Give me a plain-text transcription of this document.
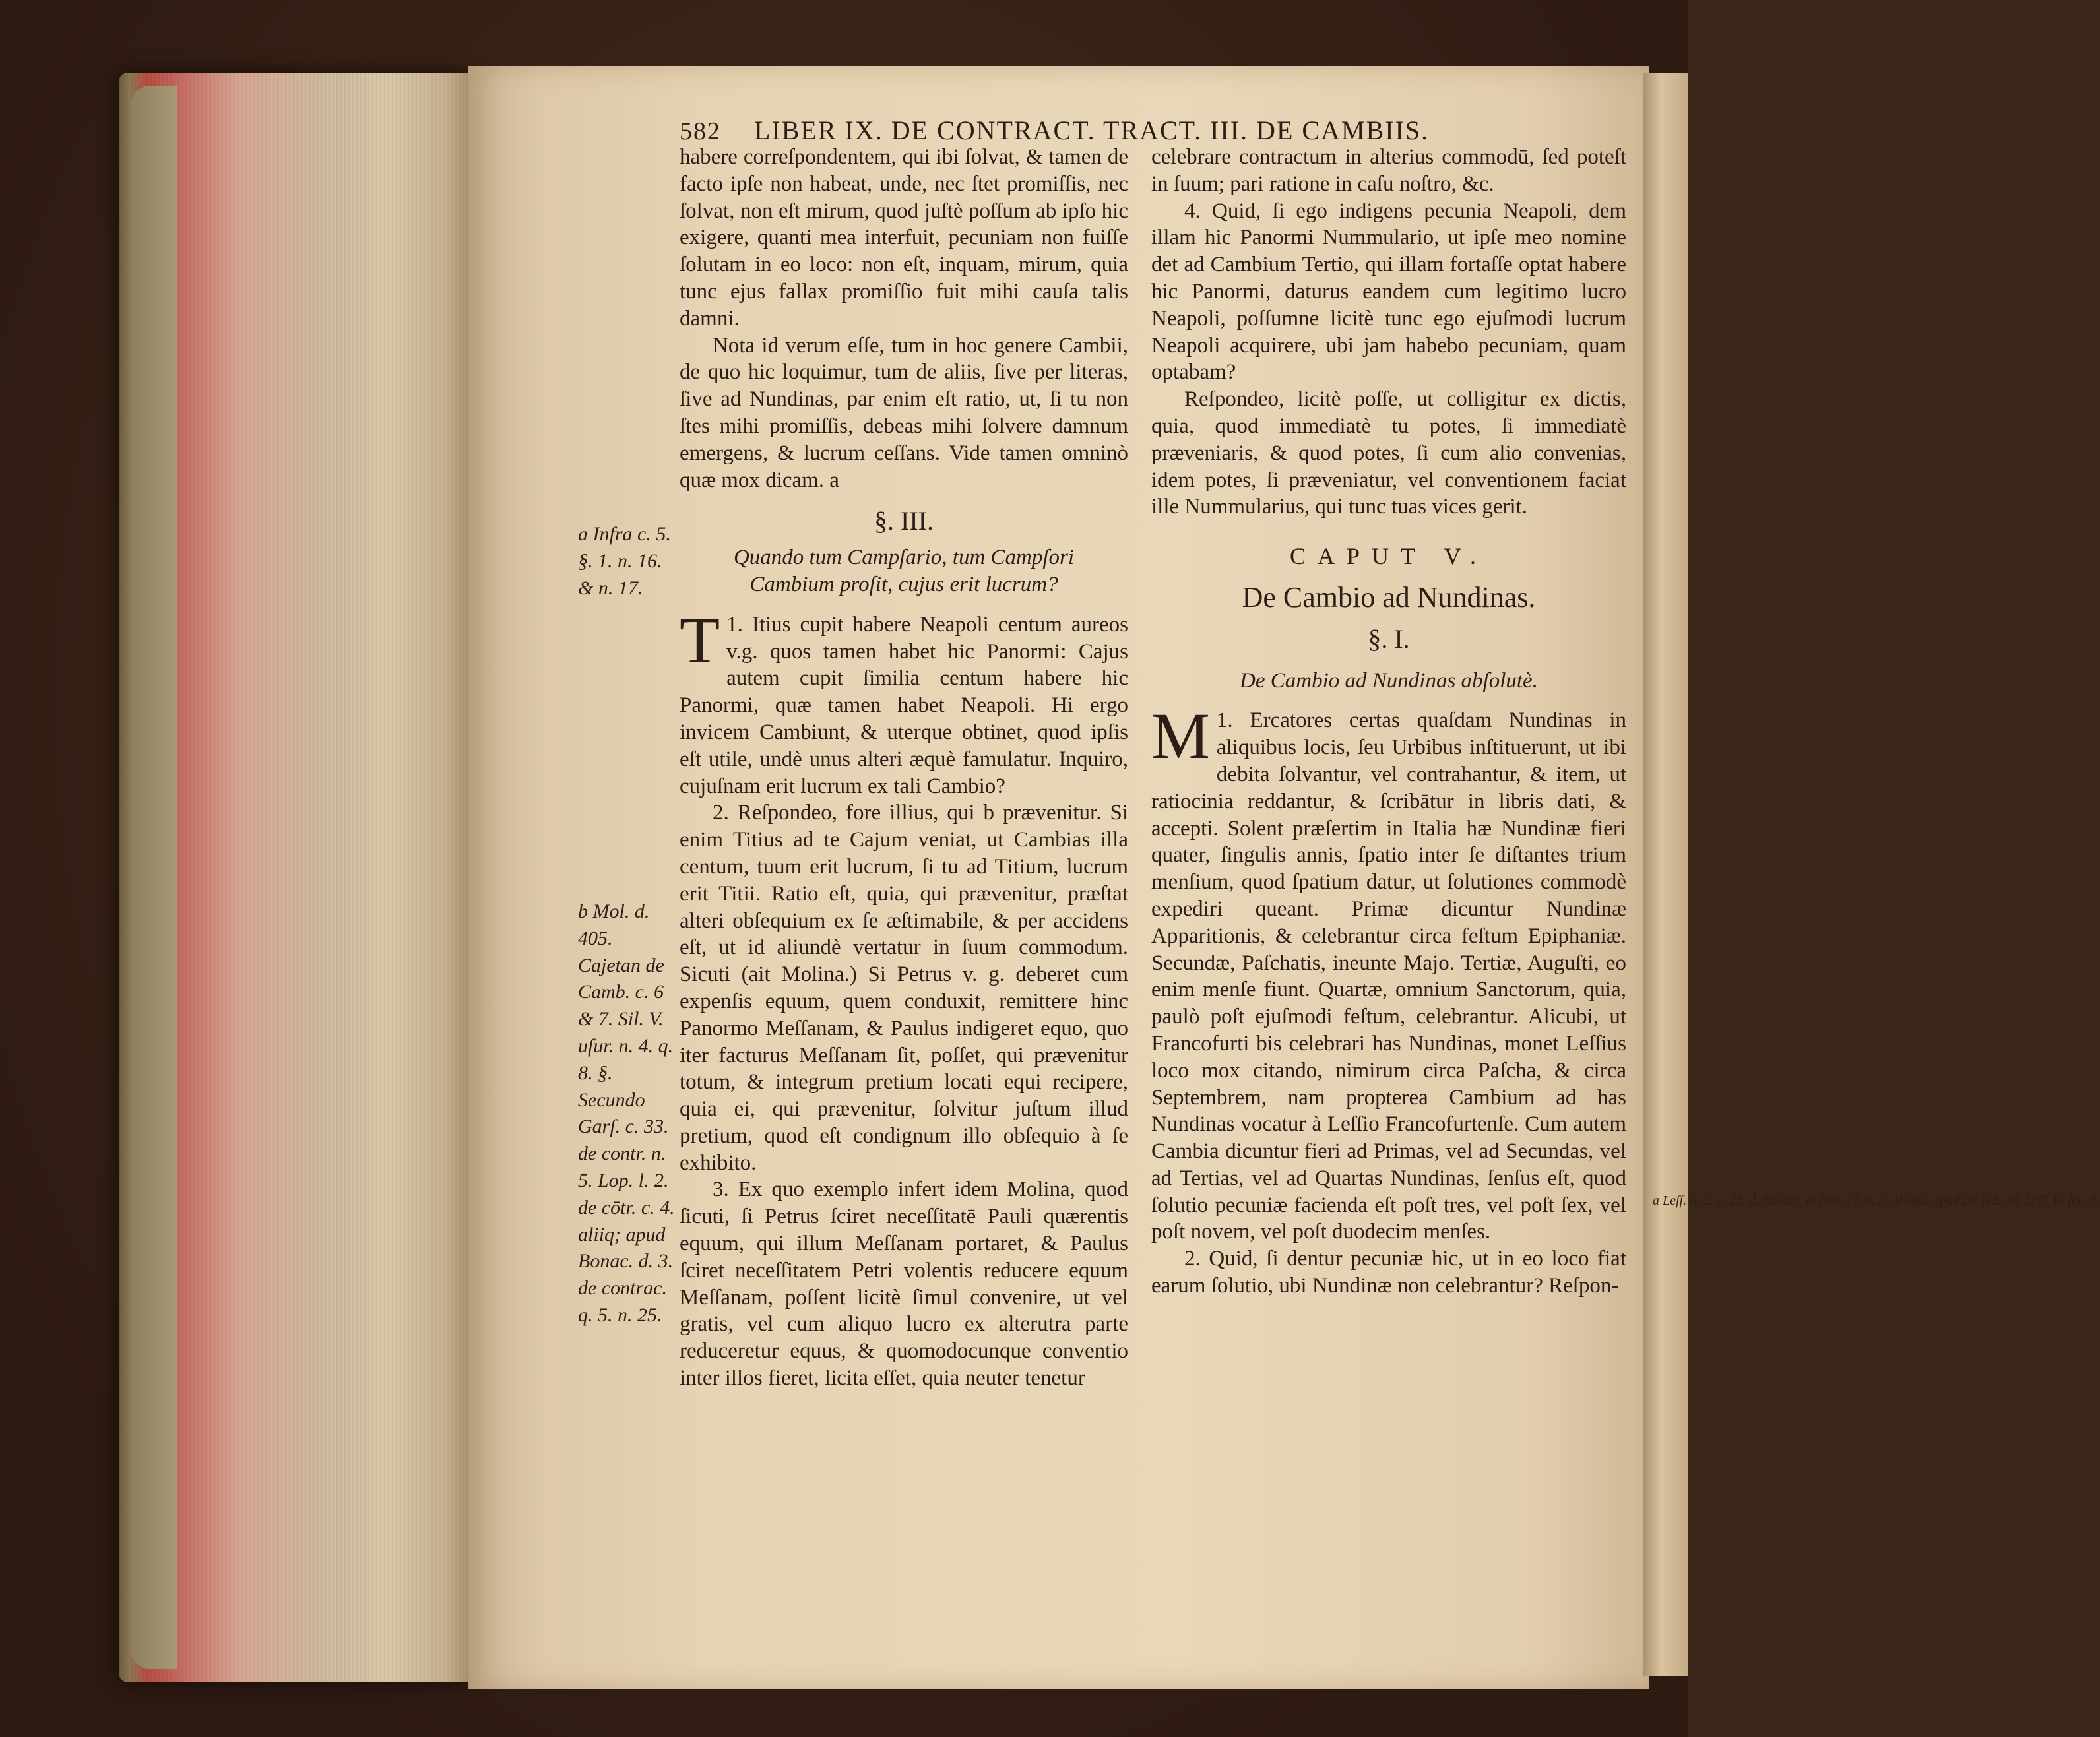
582 LIBER IX. DE CONTRACT. TRACT. III. DE CAMBIIS.

habere correſpondentem, qui ibi ſolvat, & tamen de facto ipſe non habeat, unde, nec ſtet promiſſis, nec ſolvat, non eſt mirum, quod juſtè poſſum ab ipſo hic exigere, quanti mea interfuit, pecuniam non fuiſſe ſolutam in eo loco: non eſt, inquam, mirum, quia tunc ejus fallax promiſſio fuit mihi cauſa talis damni.

Nota id verum eſſe, tum in hoc genere Cambii, de quo hic loquimur, tum de aliis, ſive per literas, ſive ad Nundinas, par enim eſt ratio, ut, ſi tu non ſtes mihi promiſſis, debeas mihi ſolvere damnum emergens, & lucrum ceſſans. Vide tamen omninò quæ mox dicam. a

§. III.

Quando tum Campſario, tum Campſori Cambium proſit, cujus erit lucrum?

1.
T Itius cupit habere Neapoli centum aureos v.g. quos tamen habet hic Panormi: Cajus autem cupit ſimilia centum habere hic Panormi, quæ tamen habet Neapoli. Hi ergo invicem Cambiunt, & uterque obtinet, quod ipſis eſt utile, undè unus alteri æquè famulatur. Inquiro, cujuſnam erit lucrum ex tali Cambio?

2. Reſpondeo, fore illius, qui b prævenitur. Si enim Titius ad te Cajum veniat, ut Cambias illa centum, tuum erit lucrum, ſi tu ad Titium, lucrum erit Titii. Ratio eſt, quia, qui prævenitur, præſtat alteri obſequium ex ſe æſtimabile, & per accidens eſt, ut id aliundè vertatur in ſuum commodum. Sicuti (ait Molina.) Si Petrus v. g. deberet cum expenſis equum, quem conduxit, remittere hinc Panormo Meſſanam, & Paulus indigeret equo, quo iter facturus Meſſanam ſit, poſſet, qui prævenitur totum, & integrum pretium locati equi recipere, quia ei, qui prævenitur, ſolvitur juſtum illud pretium, quod eſt condignum illo obſequio à ſe exhibito.

3. Ex quo exemplo infert idem Molina, quod ſicuti, ſi Petrus ſciret neceſſitatē Pauli quærentis equum, qui illum Meſſanam portaret, & Paulus ſciret neceſſitatem Petri volentis reducere equum Meſſanam, poſſent licitè ſimul convenire, ut vel gratis, vel cum aliquo lucro ex alterutra parte reduceretur equus, & quomodocunque conventio inter illos fieret, licita eſſet, quia neuter tenetur

celebrare contractum in alterius commodū, ſed poteſt in ſuum; pari ratione in caſu noſtro, &c.

4. Quid, ſi ego indigens pecunia Neapoli, dem illam hic Panormi Nummulario, ut ipſe meo nomine det ad Cambium Tertio, qui illam fortaſſe optat habere hic Panormi, daturus eandem cum legitimo lucro Neapoli, poſſumne licitè tunc ego ejuſmodi lucrum Neapoli acquirere, ubi jam habebo pecuniam, quam optabam?

Reſpondeo, licitè poſſe, ut colligitur ex dictis, quia, quod immediatè tu potes, ſi immediatè præveniaris, & quod potes, ſi cum alio convenias, idem potes, ſi præveniatur, vel conventionem faciat ille Nummularius, qui tunc tuas vices gerit.

CAPUT V.

De Cambio ad Nundinas.

§. I.

De Cambio ad Nundinas abſolutè.

1.
M Ercatores certas quaſdam Nundinas in aliquibus locis, ſeu Urbibus inſtituerunt, ut ibi debita ſolvantur, vel contrahantur, & item, ut ratiocinia reddantur, & ſcribātur in libris dati, & accepti. Solent præſertim in Italia hæ Nundinæ fieri quater, ſingulis annis, ſpatio inter ſe diſtantes trium menſium, quod ſpatium datur, ut ſolutiones commodè expediri queant. Primæ dicuntur Nundinæ Apparitionis, & celebrantur circa feſtum Epiphaniæ. Secundæ, Paſchatis, ineunte Majo. Tertiæ, Auguſti, eo enim menſe fiunt. Quartæ, omnium Sanctorum, quia, paulò poſt ejuſmodi feſtum, celebrantur. Alicubi, ut Francofurti bis celebrari has Nundinas, monet Leſſius loco mox citando, nimirum circa Paſcha, & circa Septembrem, nam propterea Cambium ad has Nundinas vocatur à Leſſio Francofurtenſe. Cum autem Cambia dicuntur fieri ad Primas, vel ad Secundas, vel ad Tertias, vel ad Quartas Nundinas, ſenſus eſt, quod ſolutio pecuniæ facienda eſt poſt tres, vel poſt ſex, vel poſt novem, vel poſt duodecim menſes.

2. Quid, ſi dentur pecuniæ hic, ut in eo loco fiat earum ſolutio, ubi Nundinæ non celebrantur? Reſpon-

a Infra c. 5. §. 1. n. 16. & n. 17.
b Mol. d. 405. Cajetan de Camb. c. 6 & 7. Sil. V. uſur. n. 4. q. 8. §. Secundo Garſ. c. 33. de contr. n. 5. Lop. l. 2. de cōtr. c. 4. aliiq; apud Bonac. d. 3. de contrac. q. 5. n. 25.
a Leſſ. li. 2. c. 23. d. Navarr. in ſum. 17. n. 3. Aliique apud De jud. 38. Leſſ. 10 ſec. 3.
